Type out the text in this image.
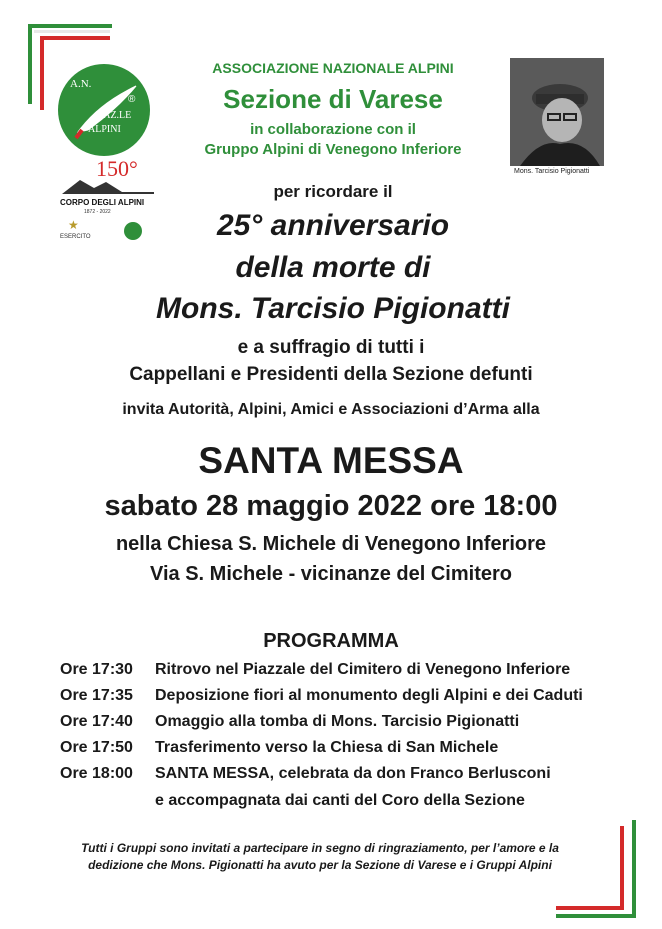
A.N.
NAZ.LE
ALPINI
®
150°
CORPO DEGLI ALPINI
1872 - 2022
★
ESERCITO
Mons. Tarcisio Pigionatti
ASSOCIAZIONE NAZIONALE ALPINI
Sezione di Varese
in collaborazione con il
Gruppo Alpini di Venegono Inferiore
per ricordare il
25° anniversario
della morte di
Mons. Tarcisio Pigionatti
e a suffragio di tutti i
Cappellani e Presidenti della Sezione defunti
invita Autorità, Alpini, Amici e Associazioni d’Arma alla
SANTA MESSA
sabato 28 maggio 2022 ore 18:00
nella Chiesa S. Michele di Venegono Inferiore
Via S. Michele - vicinanze del Cimitero
PROGRAMMA
Ore 17:30	Ritrovo nel Piazzale del Cimitero di Venegono Inferiore
Ore 17:35	Deposizione fiori al monumento degli Alpini e dei Caduti
Ore 17:40	Omaggio alla tomba di Mons. Tarcisio Pigionatti
Ore 17:50	Trasferimento verso la Chiesa di San Michele
Ore 18:00	SANTA MESSA, celebrata da don Franco Berlusconi
e accompagnata dai canti del Coro della Sezione
Tutti i Gruppi sono invitati a partecipare in segno di ringraziamento, per l’amore e la
dedizione che Mons. Pigionatti ha avuto per la Sezione di Varese e i Gruppi Alpini
